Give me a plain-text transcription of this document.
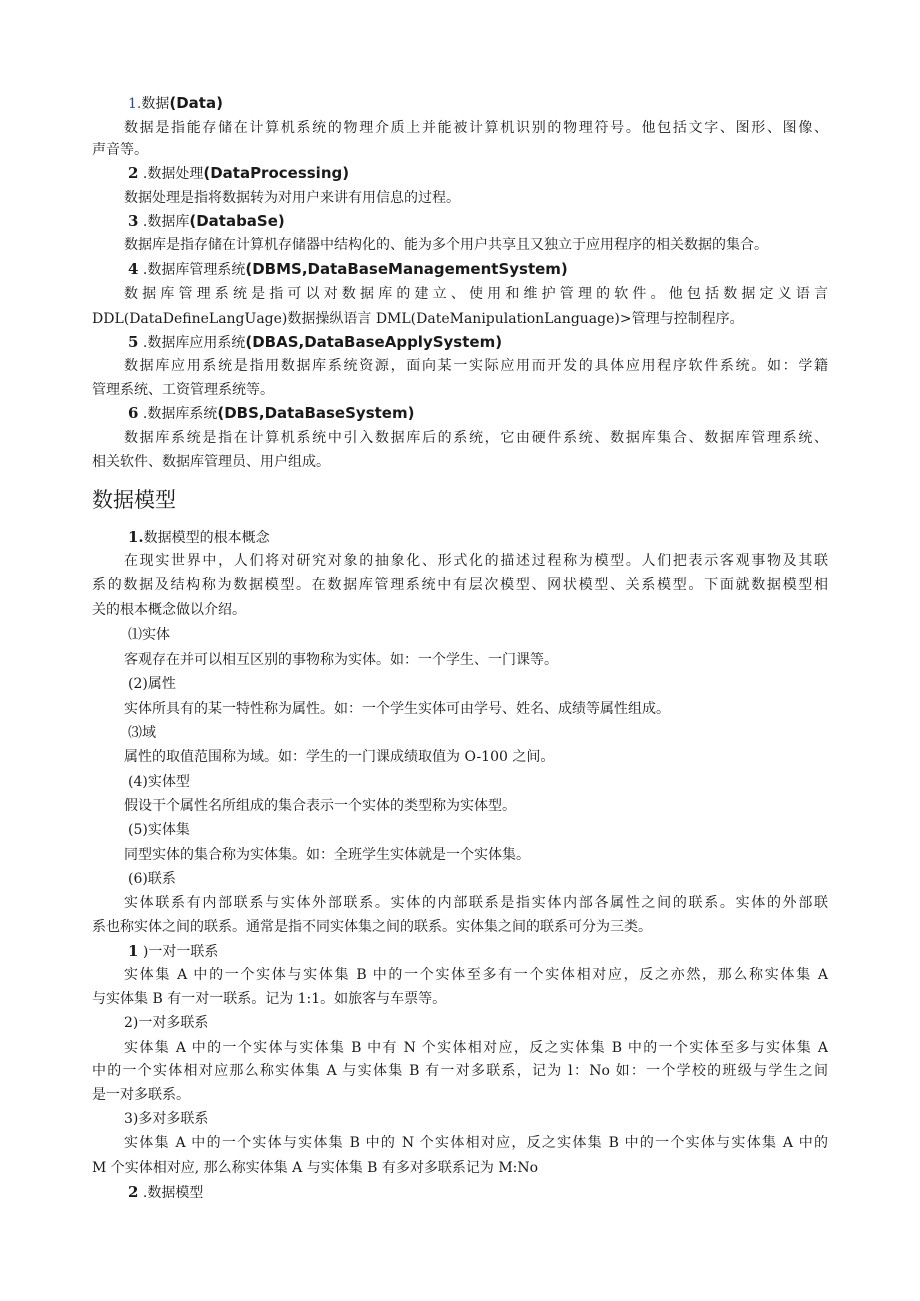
1.数据(Data)
数据是指能存储在计算机系统的物理介质上并能被计算机识别的物理符号。他包括文字、图形、图像、
声音等。
2 .数据处理(DataProcessing)
数据处理是指将数据转为对用户来讲有用信息的过程。
3 .数据库(DatabaSe)
数据库是指存储在计算机存储器中结构化的、能为多个用户共享且又独立于应用程序的相关数据的集合。
4 .数据库管理系统(DBMS,DataBaseManagementSystem)
数据库管理系统是指可以对数据库的建立、使用和维护管理的软件。他包括数据定义语言
DDL(DataDefineLangUage)数据操纵语言 DML(DateManipulationLanguage)>管理与控制程序。
5 .数据库应用系统(DBAS,DataBaseApplySystem)
数据库应用系统是指用数据库系统资源，面向某一实际应用而开发的具体应用程序软件系统。如：学籍
管理系统、工资管理系统等。
6 .数据库系统(DBS,DataBaseSystem)
数据库系统是指在计算机系统中引入数据库后的系统，它由硬件系统、数据库集合、数据库管理系统、
相关软件、数据库管理员、用户组成。
数据模型
1.数据模型的根本概念
在现实世界中，人们将对研究对象的抽象化、形式化的描述过程称为模型。人们把表示客观事物及其联
系的数据及结构称为数据模型。在数据库管理系统中有层次模型、网状模型、关系模型。下面就数据模型相
关的根本概念做以介绍。
⑴实体
客观存在并可以相互区别的事物称为实体。如：一个学生、一门课等。
(2)属性
实体所具有的某一特性称为属性。如：一个学生实体可由学号、姓名、成绩等属性组成。
⑶域
属性的取值范围称为域。如：学生的一门课成绩取值为 O-100 之间。
(4)实体型
假设干个属性名所组成的集合表示一个实体的类型称为实体型。
(5)实体集
同型实体的集合称为实体集。如：全班学生实体就是一个实体集。
(6)联系
实体联系有内部联系与实体外部联系。实体的内部联系是指实体内部各属性之间的联系。实体的外部联
系也称实体之间的联系。通常是指不同实体集之间的联系。实体集之间的联系可分为三类。
1 )一对一联系
实体集 A 中的一个实体与实体集 B 中的一个实体至多有一个实体相对应，反之亦然，那么称实体集 A
与实体集 B 有一对一联系。记为 1:1。如旅客与车票等。
2)一对多联系
实体集 A 中的一个实体与实体集 B 中有 N 个实体相对应，反之实体集 B 中的一个实体至多与实体集 A
中的一个实体相对应那么称实体集 A 与实体集 B 有一对多联系，记为 l：No 如：一个学校的班级与学生之间
是一对多联系。
3)多对多联系
实体集 A 中的一个实体与实体集 B 中的 N 个实体相对应，反之实体集 B 中的一个实体与实体集 A 中的
M 个实体相对应, 那么称实体集 A 与实体集 B 有多对多联系记为 M:No
2 .数据模型
